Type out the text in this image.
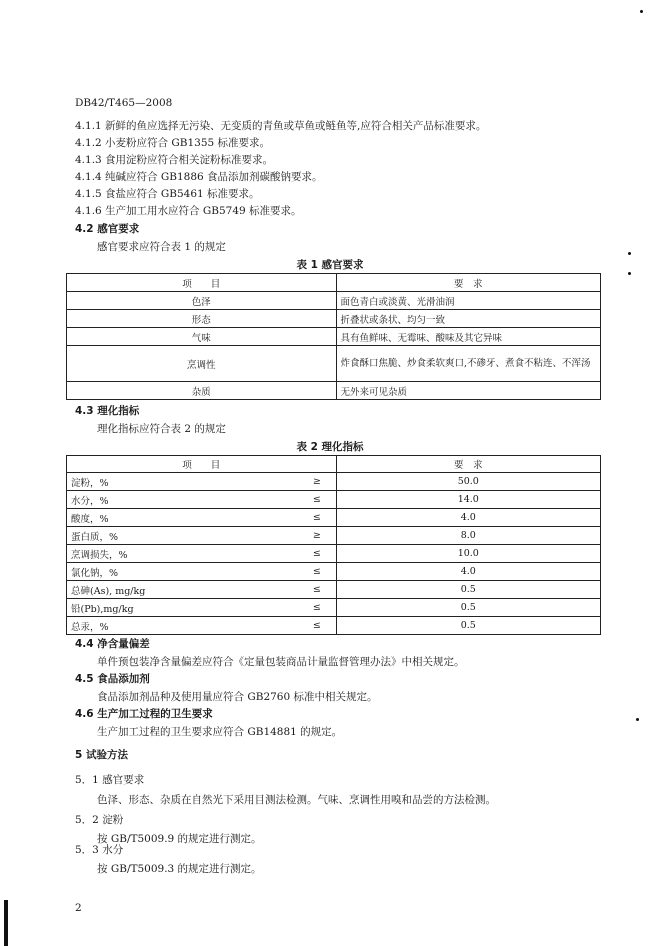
DB42/T465—2008
4.1.1 新鲜的鱼应选择无污染、无变质的青鱼或草鱼或鲢鱼等,应符合相关产品标准要求。
4.1.2 小麦粉应符合 GB1355 标准要求。
4.1.3 食用淀粉应符合相关淀粉标准要求。
4.1.4 纯碱应符合 GB1886 食品添加剂碳酸钠要求。
4.1.5 食盐应符合 GB5461 标准要求。
4.1.6 生产加工用水应符合 GB5749 标准要求。
4.2 感官要求
感官要求应符合表 1 的规定
表 1 感官要求
项　　目	要　求
色泽	面色青白或淡黄、光滑油润
形态	折叠状或条状、均匀一致
气味	具有鱼鲜味、无霉味、酸味及其它异味
烹调性	炸食酥口焦脆、炒食柔软爽口,不碜牙、煮食不粘连、不浑汤
杂质	无外来可见杂质
4.3 理化指标
理化指标应符合表 2 的规定
表 2 理化指标
项　　目		要　求
淀粉，%	≥	50.0
水分，%	≤	14.0
酸度，%	≤	4.0
蛋白质，%	≥	8.0
烹调损失，%	≤	10.0
氯化钠，%	≤	4.0
总砷(As), mg/kg	≤	0.5
铅(Pb),mg/kg	≤	0.5
总汞，%	≤	0.5
4.4 净含量偏差
单件预包装净含量偏差应符合《定量包装商品计量监督管理办法》中相关规定。
4.5 食品添加剂
食品添加剂品种及使用量应符合 GB2760 标准中相关规定。
4.6 生产加工过程的卫生要求
生产加工过程的卫生要求应符合 GB14881 的规定。
5 试验方法
5．1 感官要求
色泽、形态、杂质在自然光下采用目测法检测。气味、烹调性用嗅和品尝的方法检测。
5．2 淀粉
按 GB/T5009.9 的规定进行测定。
5．3 水分
按 GB/T5009.3 的规定进行测定。
2
